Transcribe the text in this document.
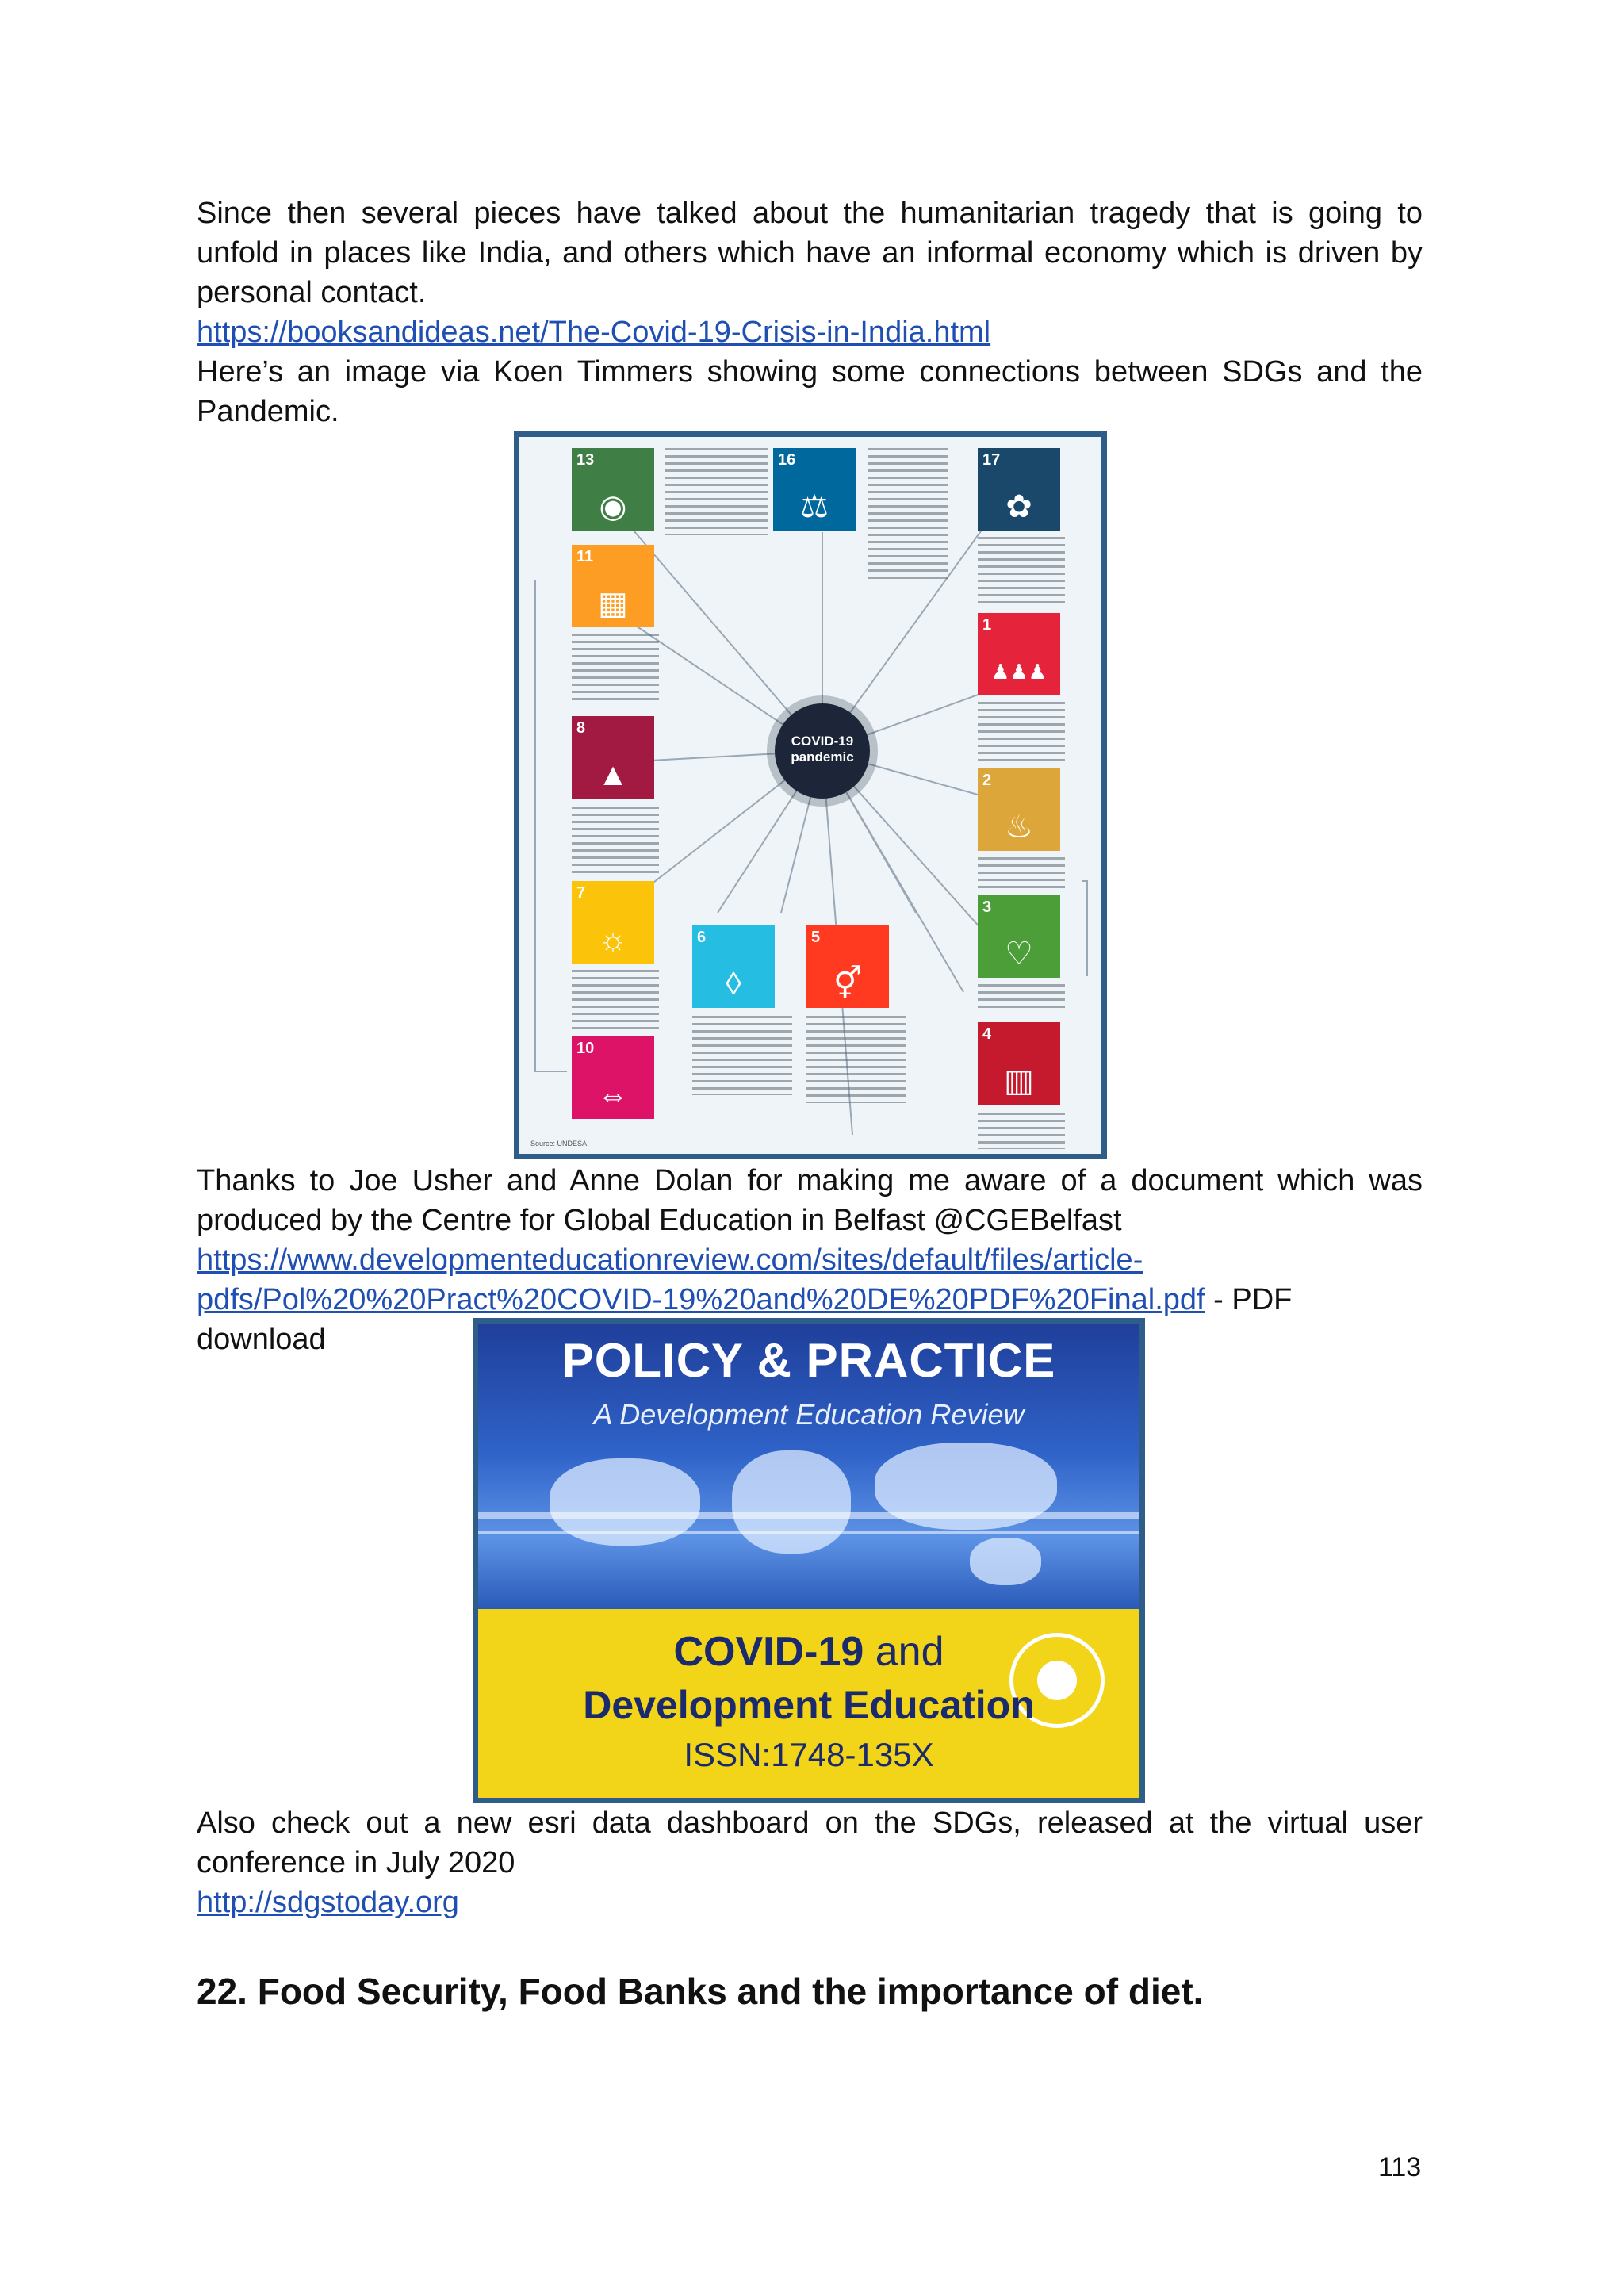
Since then several pieces have talked about the humanitarian tragedy that is going to unfold in places like India, and others which have an informal economy which is driven by personal contact.

https://booksandideas.net/The-Covid-19-Crisis-in-India.html

Here’s an image via Koen Timmers showing some connections between SDGs and the Pandemic.

13
◉
16
⚖
17
✿
11
▦
1
♟♟♟
8
▲	2
♨
7
☼
3
♡
6
◊
5
⚥
4
▥
10
⇔
COVID-19
pandemic
Source: UNDESA

Thanks to Joe Usher and Anne Dolan for making me aware of a document which was produced by the Centre for Global Education in Belfast @CGEBelfast

https://www.developmenteducationreview.com/sites/default/files/article-

pdfs/Pol%20%20Pract%20COVID-19%20and%20DE%20PDF%20Final.pdf - PDF download	POLICY & PRACTICE
A Development Education Review
COVID-19 and
Development Education
ISSN:1748-135X

Also check out a new esri data dashboard on the SDGs, released at the virtual user conference in July 2020

http://sdgstoday.org

22. Food Security, Food Banks and the importance of diet.
113
